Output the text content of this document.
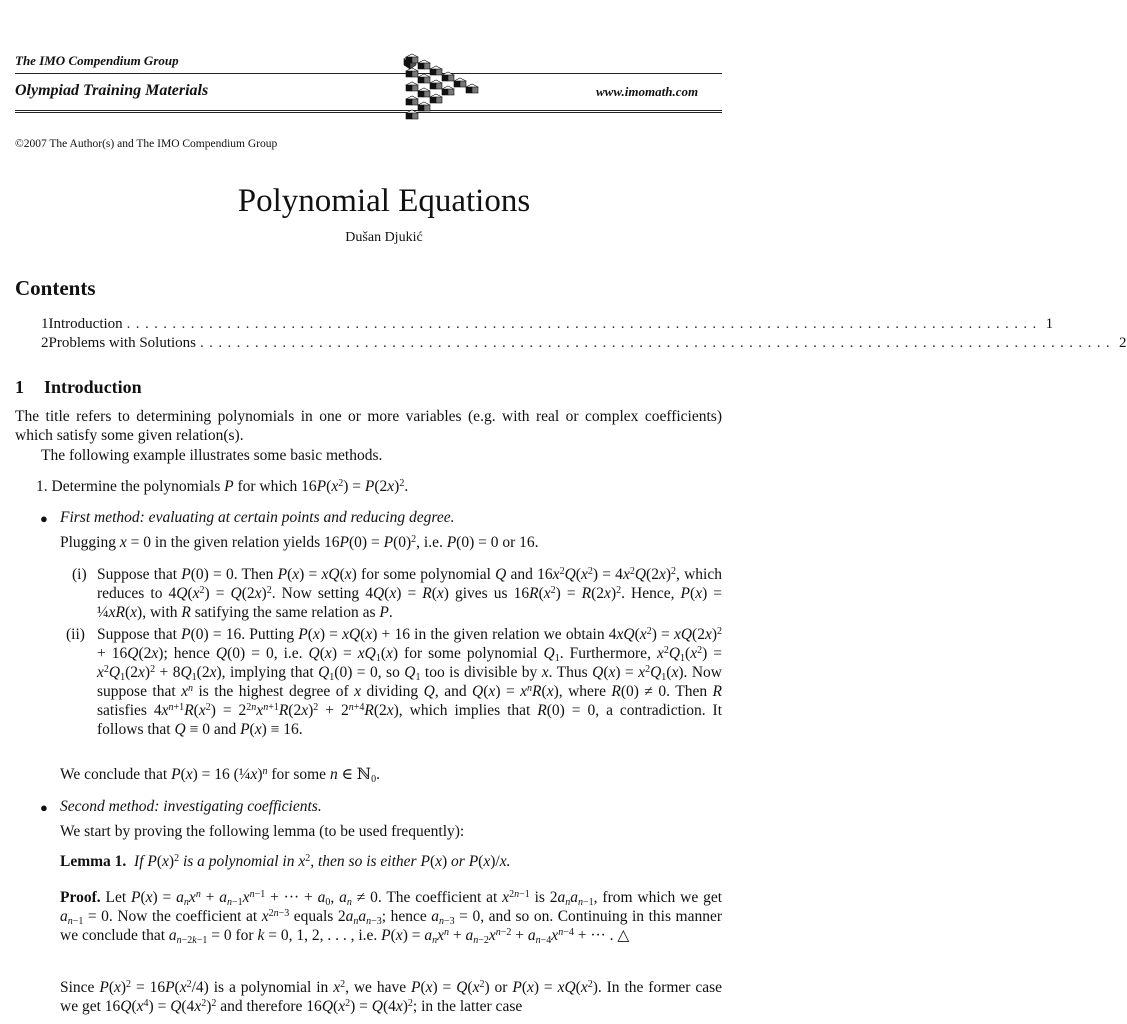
The IMO Compendium Group
Olympiad Training Materials	www.imomath.com
©2007 The Author(s) and The IMO Compendium Group
Polynomial Equations
Dušan Djukić
Contents
1 Introduction .................................................................................................... 1
2 Problems with Solutions .................................................................................................... 2
1 Introduction
The title refers to determining polynomials in one or more variables (e.g. with real or complex coefficients) which satisfy some given relation(s).
The following example illustrates some basic methods.
1. Determine the polynomials P for which $16P(x^2) = P(2x)^2$.
● First method: evaluating at certain points and reducing degree.
Plugging x = 0 in the given relation yields $16P(0) = P(0)^2$, i.e. P(0) = 0 or 16.
(i) Suppose that P(0) = 0. Then P(x) = xQ(x) for some polynomial Q and $16x^2Q(x^2) = 4x^2Q(2x)^2$, which reduces to $4Q(x^2) = Q(2x)^2$. Now setting 4Q(x) = R(x) gives us $16R(x^2) = R(2x)^2$. Hence, P(x) = ¼xR(x), with R satifying the same relation as P.
(ii) Suppose that P(0) = 16. Putting P(x) = xQ(x) + 16 in the given relation we obtain $4xQ(x^2) = xQ(2x)^2 + 16Q(2x)$; hence Q(0) = 0, i.e. $Q(x) = xQ_1(x)$ for some polynomial $Q_1$. Furthermore, $x^2Q_1(x^2) = x^2Q_1(2x)^2 + 8Q_1(2x)$, implying that $Q_1(0) = 0$, so $Q_1$ too is divisible by x. Thus $Q(x) = x^2Q_1(x)$. Now suppose that $x^n$ is the highest degree of x dividing Q, and $Q(x) = x^nR(x)$, where R(0) ≠ 0. Then R satisfies $4x^{n+1}R(x^2) = 2^{2n}x^{n+1}R(2x)^2 + 2^{n+4}R(2x)$, which implies that R(0) = 0, a contradiction. It follows that Q ≡ 0 and P(x) ≡ 16.
We conclude that P(x) = 16 (¼x)$^n$ for some n ∈ ℕ$_0$.
● Second method: investigating coefficients.
We start by proving the following lemma (to be used frequently):
Lemma 1.  If $P(x)^2$ is a polynomial in $x^2$, then so is either P(x) or P(x)/x.
Proof. Let $P(x) = a_nx^n + a_{n-1}x^{n-1}$ + ··· + $a_0$, $a_n \ne 0$. The coefficient at $x^{2n-1}$ is $2a_na_{n-1}$, from which we get $a_{n-1} = 0$. Now the coefficient at $x^{2n-3}$ equals $2a_na_{n-3}$; hence $a_{n-3} = 0$, and so on. Continuing in this manner we conclude that $a_{n-2k-1} = 0$ for k = 0, 1, 2, . . . , i.e. $P(x) = a_nx^n + a_{n-2}x^{n-2} + a_{n-4}x^{n-4}$ + ··· . △
Since $P(x)^2 = 16P(x^2/4)$ is a polynomial in $x^2$, we have $P(x) = Q(x^2)$ or $P(x) = xQ(x^2)$. In the former case we get $16Q(x^4) = Q(4x^2)^2$ and therefore $16Q(x^2) = Q(4x)^2$; in the latter case
